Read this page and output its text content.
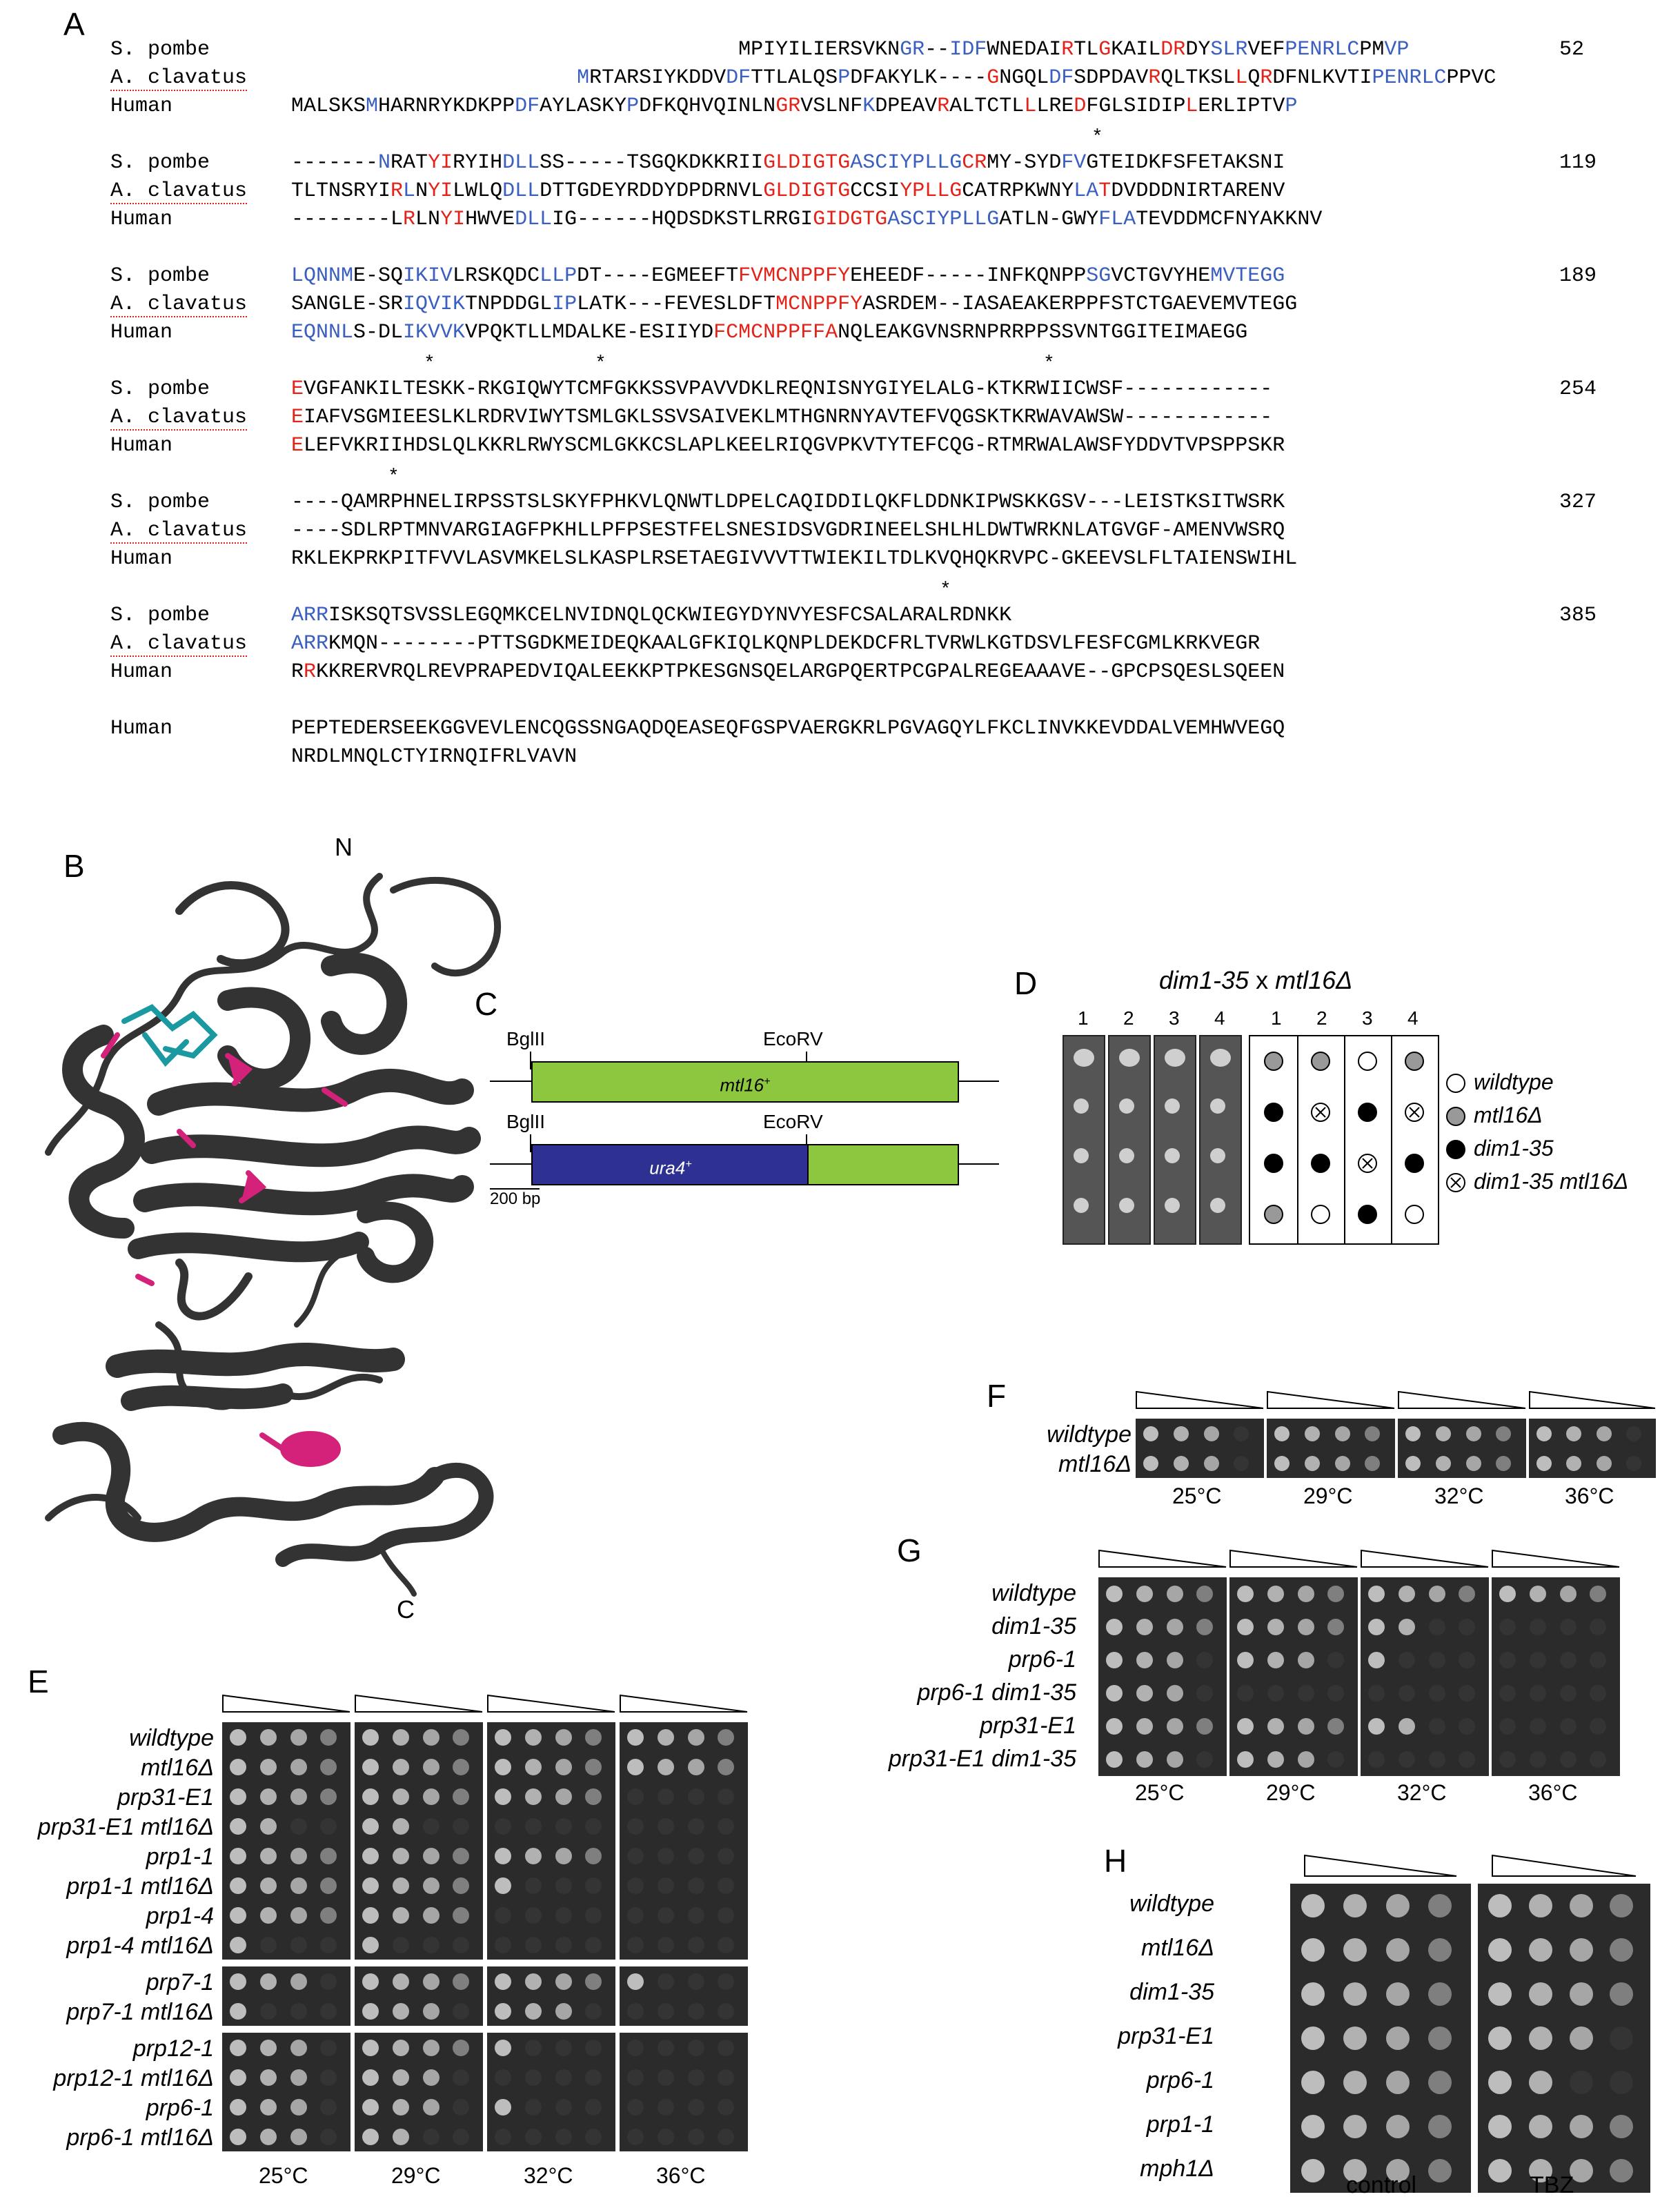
A
S. pombe	MPIYILIERSVKNGR--IDFWNEDAIRTLGKAILDRDYSLRVEFPENRLCPMVP	52
A. clavatus	MRTARSIYKDDVDFTTLALQSPDFAKYLK----GNGQLDFSDPDAVRQLTKSLLQRDFNLKVTIPENRLCPPVC
Human	MALSKSMHARNRYKDKPPDFAYLASKYPDFKQHVQINLNGRVSLNFKDPEAVRALTCTLLLREDFGLSIDIPLERLIPTVP
S. pombe	-------NRATYIRYIHDLLSS-----TSGQKDKKRIIGLDIGTGASCIYPLLGCRMY-SYDFVGTEIDKFSFETAKSNI	119
A. clavatus TLTNSRYIRLNYILWLQDLLDTTGDEYRDDYDPDRNVLGLDIGTGCCSIYPLLGCATRPKWNYLATDVDDDNIRTARENV
Human	--------LRLNYIHWVEDLLIG------HQDSDKSTLRRGIGIDGTGASCIYPLLGATLN-GWYFLATEVDDMCFNYAKKNV
S. pombe	LQNNME-SQIKIVLRSKQDCLLPDT----EGMEEFTFVMCNPPFYEHEEDF-----INFKQNPPSGVCTGVYHEMVTEGG	189
A. clavatus SANGLE-SRIQVIKTNPDDGLIPLATK---FEVESLDFTMCNPPFYASRDEM--IASAEAKERPPFSTCTGAEVEMVTEGG
Human	EQNNLS-DLIKVVKVPQKTLLMDALKE-ESIIYDFCMCNPPFFANQLEAKGVNSRNPRRPPSSVNTGGITEIMAEGG
S. pombe	EVGFANKILTESKK-RKGIQWYTCMFGKKSSVPAVVDKLREQNISNYGIYELALG-KTKRWIICWSF------------	254
A. clavatus EIAFVSGMIEESLKLRDRVIWYTSMLGKLSSVSAIVEKLMTHGNRNYAVTEFVQGSKTKRWAVAWSW------------
Human	ELEFVKRIIHDSLQLKKRLRWYSCMLGKKCSLAPLKEELRIQGVPKVTYTEFCQG-RTMRWALAWSFYDDVTVPSPPSKR
S. pombe	----QAMRPHNELIRPSSTSLSKYFPHKVLQNWTLDPELCAQIDDILQKFLDDNKIPWSKKGSV---LEISTKSITWSRK	327
A. clavatus ----SDLRPTMNVARGIAGFPKHLLPFPSESTFELSNESIDSVGDRINEELSHLHLDWTWRKNLATGVGF-AMENVWSRQ
Human	RKLEKPRKPITFVVLASVMKELSLKASPLRSETAEGIVVVTTWIEKILTDLKVQHQKRVPC-GKEEVSLFLTAIENSWIHL
S. pombe	ARRISKSQTSVSSLEGQMKCELNVIDNQLQCKWIEGYDYNVYESFCSALARALRDNKK	385
A. clavatus ARRKMQN--------PTTSGDKMEIDEQKAALGFKIQLKQNPLDEKDCFRLTVRWLKGTDSVLFESFCGMLKRKVEGR
Human	RRKKRERVRQLREVPRAPEDVIQALEEKKPTPKESGNSQELARGPQERTPCGPALREGEAAAVE--GPCPSQESLSQEEN
Human	PEPTEDERSEEKGGVEVLENCQGSSNGAQDQEASEQFGSPVAERGKRLPGVAGQYLFKCLINVKKEVDDALVEMHWVEGQ
NRDLMNQLCTYIRNQIFRLVAVN
*
*	*	*
*
*
B
N
C
C
BglII	EcoRV
mtl16+
BglII	EcoRV
ura4+
200 bp
D	dim1-35 x mtl16Δ
1	1
2	2
3	3
4	4
wildtype
mtl16Δ
dim1-35
dim1-35 mtl16Δ
E
wildtype
mtl16Δ
prp31-E1
prp31-E1 mtl16Δ
prp1-1
prp1-1 mtl16Δ
prp1-4
prp1-4 mtl16Δ
prp7-1
prp7-1 mtl16Δ
prp12-1
prp12-1 mtl16Δ
prp6-1
prp6-1 mtl16Δ
25°C	29°C	32°C	36°C
F
wildtype
mtl16Δ
25°C	29°C	32°C	36°C
G
wildtype
dim1-35
prp6-1
prp6-1 dim1-35
prp31-E1
prp31-E1 dim1-35
25°C	29°C	32°C	36°C
H
wildtype
mtl16Δ
dim1-35
prp31-E1
prp6-1
prp1-1
mph1Δ
control	TBZ
